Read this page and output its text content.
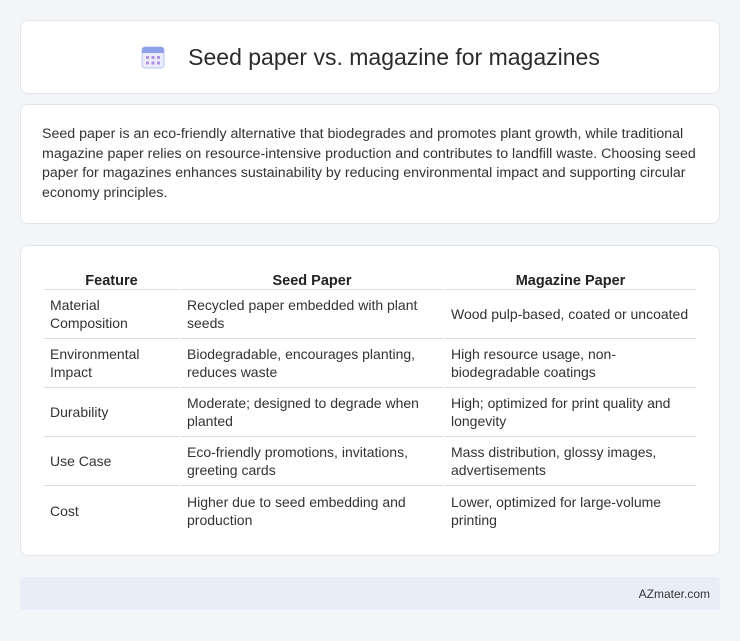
Seed paper vs. magazine for magazines

Seed paper is an eco-friendly alternative that biodegrades and promotes plant growth, while traditional magazine paper relies on resource-intensive production and contributes to landfill waste. Choosing seed paper for magazines enhances sustainability by reducing environmental impact and supporting circular economy principles.

Feature	Seed Paper	Magazine Paper
Material Composition	Recycled paper embedded with plant seeds	Wood pulp-based, coated or uncoated
Environmental Impact	Biodegradable, encourages planting, reduces waste	High resource usage, non-biodegradable coatings
Durability	Moderate; designed to degrade when planted	High; optimized for print quality and longevity
Use Case	Eco-friendly promotions, invitations, greeting cards	Mass distribution, glossy images, advertisements
Cost	Higher due to seed embedding and production	Lower, optimized for large-volume printing
AZmater.com
